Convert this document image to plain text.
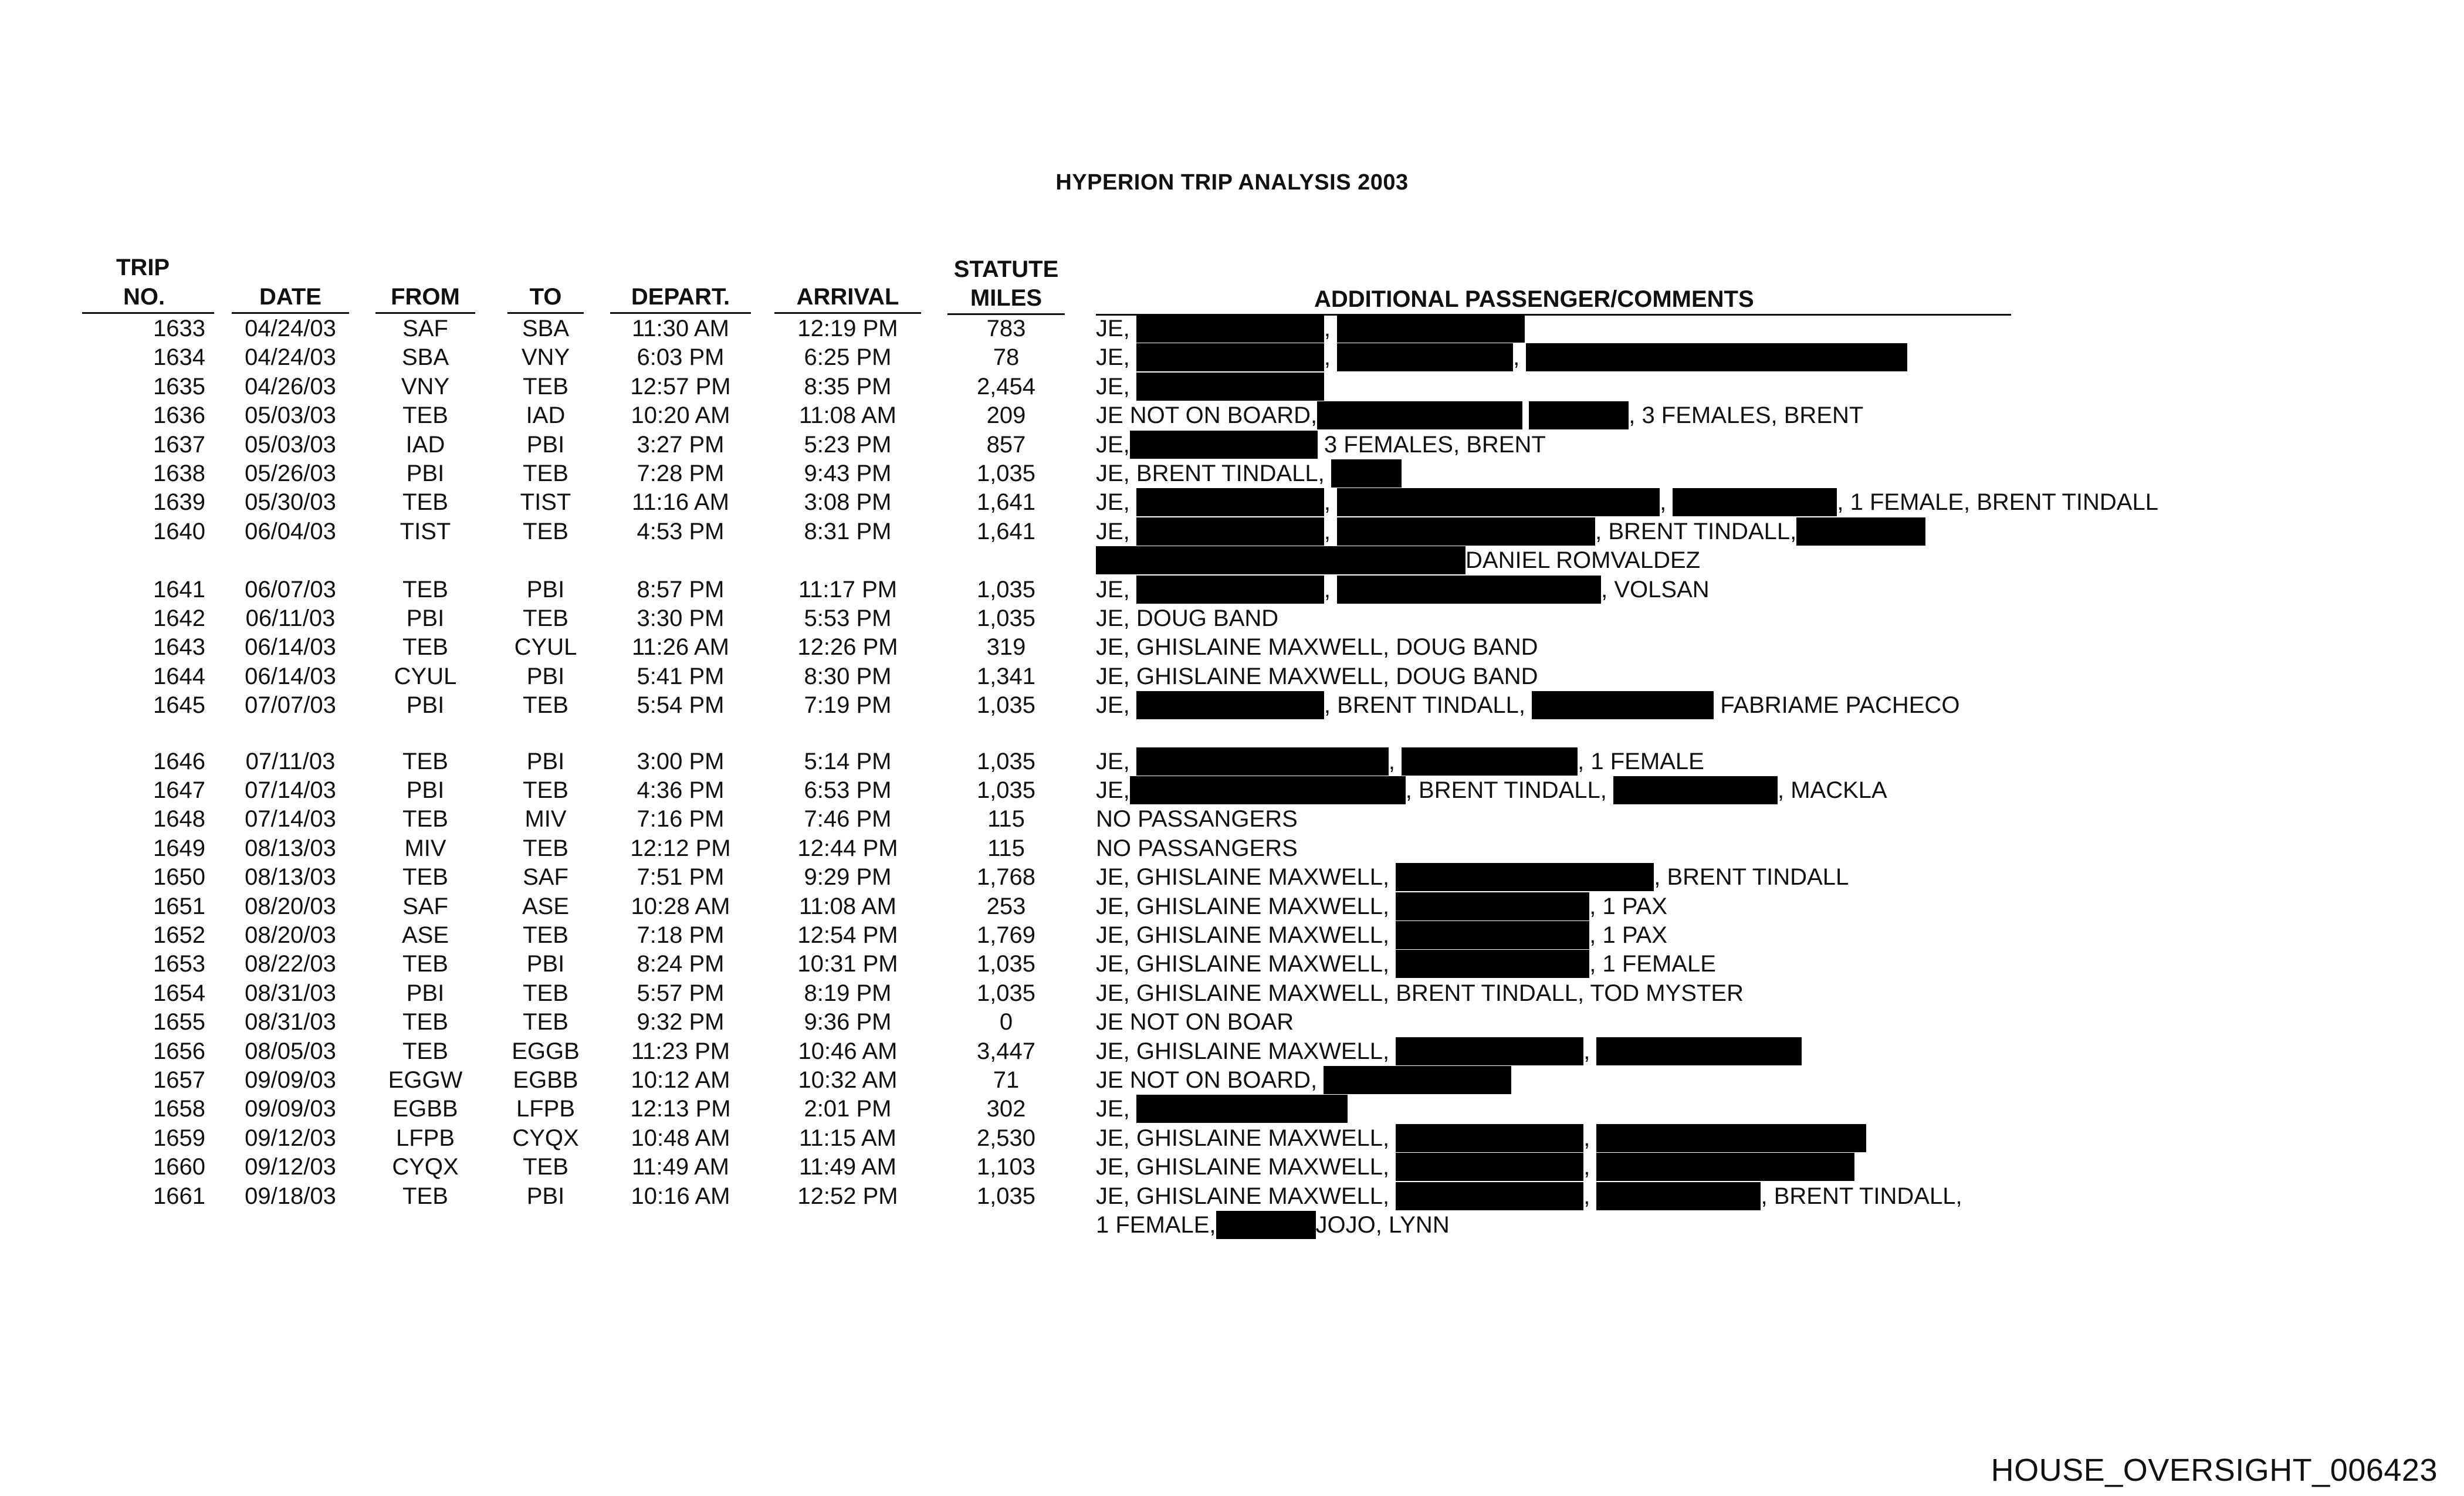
HYPERION TRIP ANALYSIS 2003
TRIP
NO.	DATE	FROM	TO	DEPART.	ARRIVAL
STATUTE
MILES	ADDITIONAL PASSENGER/COMMENTS
1633	04/24/03	SAF	SBA	11:30 AM	12:19 PM	783	JE,	,
1634	04/24/03	SBA	VNY	6:03 PM	6:25 PM	78	JE,	,	,
1635	04/26/03	VNY	TEB	12:57 PM	8:35 PM	2,454	JE,
1636	05/03/03	TEB	IAD	10:20 AM	11:08 AM	209	JE NOT ON BOARD,	, 3 FEMALES, BRENT
1637	05/03/03	IAD	PBI	3:27 PM	5:23 PM	857	JE,	3 FEMALES, BRENT
1638	05/26/03	PBI	TEB	7:28 PM	9:43 PM	1,035	JE, BRENT TINDALL,
1639	05/30/03	TEB	TIST	11:16 AM	3:08 PM	1,641	JE,	,	,	, 1 FEMALE, BRENT TINDALL
1640	06/04/03	TIST	TEB	4:53 PM	8:31 PM	1,641	JE,	,	, BRENT TINDALL,
DANIEL ROMVALDEZ
1641	06/07/03	TEB	PBI	8:57 PM	11:17 PM	1,035	JE,	,	, VOLSAN
1642	06/11/03	PBI	TEB	3:30 PM	5:53 PM	1,035	JE, DOUG BAND
1643	06/14/03	TEB	CYUL	11:26 AM	12:26 PM	319	JE, GHISLAINE MAXWELL, DOUG BAND
1644	06/14/03	CYUL	PBI	5:41 PM	8:30 PM	1,341	JE, GHISLAINE MAXWELL, DOUG BAND
1645	07/07/03	PBI	TEB	5:54 PM	7:19 PM	1,035	JE,	, BRENT TINDALL,	FABRIAME PACHECO
1646	07/11/03	TEB	PBI	3:00 PM	5:14 PM	1,035	JE,	,	, 1 FEMALE
1647	07/14/03	PBI	TEB	4:36 PM	6:53 PM	1,035	JE,	, BRENT TINDALL,	, MACKLA
1648	07/14/03	TEB	MIV	7:16 PM	7:46 PM	115	NO PASSANGERS
1649	08/13/03	MIV	TEB	12:12 PM	12:44 PM	115	NO PASSANGERS
1650	08/13/03	TEB	SAF	7:51 PM	9:29 PM	1,768	JE, GHISLAINE MAXWELL,	, BRENT TINDALL
1651	08/20/03	SAF	ASE	10:28 AM	11:08 AM	253	JE, GHISLAINE MAXWELL,	, 1 PAX
1652	08/20/03	ASE	TEB	7:18 PM	12:54 PM	1,769	JE, GHISLAINE MAXWELL,	, 1 PAX
1653	08/22/03	TEB	PBI	8:24 PM	10:31 PM	1,035	JE, GHISLAINE MAXWELL,	, 1 FEMALE
1654	08/31/03	PBI	TEB	5:57 PM	8:19 PM	1,035	JE, GHISLAINE MAXWELL, BRENT TINDALL, TOD MYSTER
1655	08/31/03	TEB	TEB	9:32 PM	9:36 PM	0	JE NOT ON BOAR
1656	08/05/03	TEB	EGGB	11:23 PM	10:46 AM	3,447	JE, GHISLAINE MAXWELL,	,
1657	09/09/03	EGGW	EGBB	10:12 AM	10:32 AM	71	JE NOT ON BOARD,
1658	09/09/03	EGBB	LFPB	12:13 PM	2:01 PM	302	JE,
1659	09/12/03	LFPB	CYQX	10:48 AM	11:15 AM	2,530	JE, GHISLAINE MAXWELL,	,
1660	09/12/03	CYQX	TEB	11:49 AM	11:49 AM	1,103	JE, GHISLAINE MAXWELL,	,
1661	09/18/03	TEB	PBI	10:16 AM	12:52 PM	1,035	JE, GHISLAINE MAXWELL,	,	, BRENT TINDALL,
1 FEMALE,	JOJO, LYNN
HOUSE_OVERSIGHT_006423
